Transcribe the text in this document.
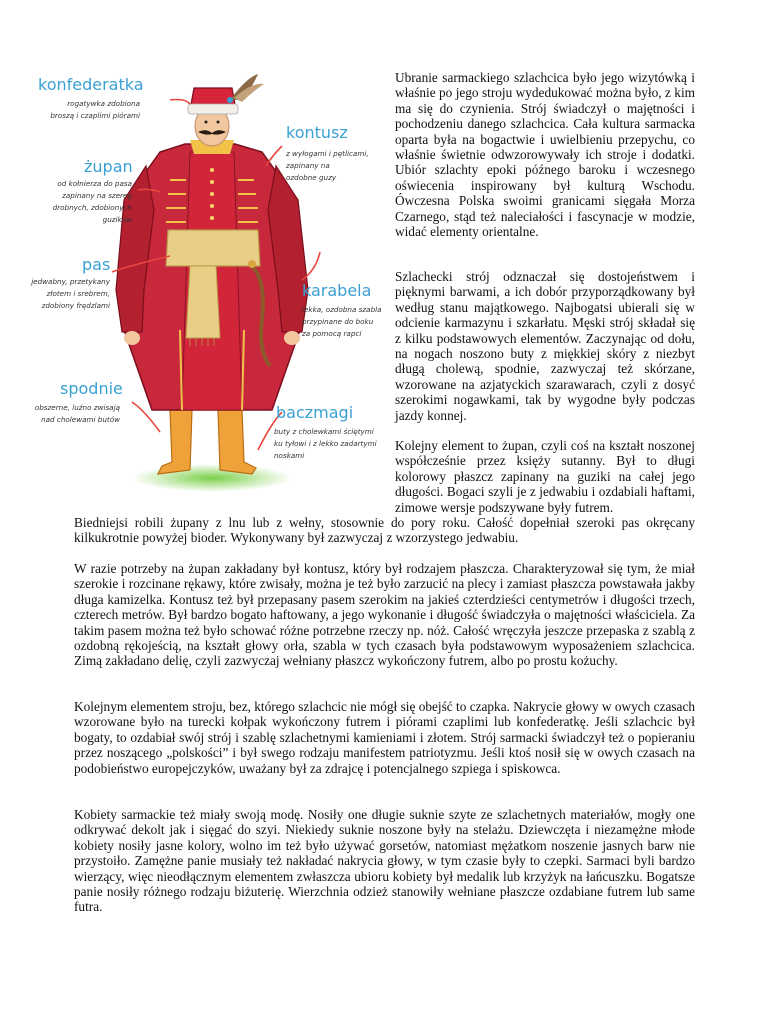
konfederatka
rogatywka zdobiona
broszą i czaplimi piórami
żupan
od kołnierza do pasa
zapinany na szereg
drobnych, zdobionych
guzików
pas
jedwabny, przetykany
złotem i srebrem,
zdobiony frędzlami
spodnie
obszerne, luźno zwisają
nad cholewami butów
kontusz
z wyłogami i pętlicami,
zapinany na
ozdobne guzy
karabela
lekka, ozdobna szabla
przypinane do boku
za pomocą rapci
baczmagi
buty z cholewkami ściętymi
ku tyłowi i z lekko zadartymi
noskami

Ubranie sarmackiego szlachcica było jego wizytówką i właśnie po jego stroju wydedukować można było, z kim ma się do czynienia. Strój świadczył o majętności i pochodzeniu danego szlachcica. Cała kultura sarmacka oparta była na bogactwie i uwielbieniu przepychu, co właśnie świetnie odwzorowywały ich stroje i dodatki. Ubiór szlachty epoki późnego baroku i wczesnego oświecenia inspirowany był kulturą Wschodu. Ówczesna Polska swoimi granicami sięgała Morza Czarnego, stąd też naleciałości i fascynacje w modzie, widać elementy orientalne.

Szlachecki strój odznaczał się dostojeństwem i pięknymi barwami, a ich dobór przyporządkowany był według stanu majątkowego. Najbogatsi ubierali się w odcienie karmazynu i szkarłatu. Męski strój składał się z kilku podstawowych elementów. Zaczynając od dołu, na nogach noszono buty z miękkiej skóry z niezbyt długą cholewą, spodnie, zazwyczaj też skórzane, wzorowane na azjatyckich szarawarach, czyli z dosyć szerokimi nogawkami, tak by wygodne były podczas jazdy konnej.

Kolejny element to żupan, czyli coś na kształt noszonej współcześnie przez księży sutanny. Był to długi kolorowy płaszcz zapinany na guziki na całej jego długości. Bogaci szyli je z jedwabiu i ozdabiali haftami, zimowe wersje podszywane były futrem.

Biedniejsi robili żupany z lnu lub z wełny, stosownie do pory roku. Całość dopełniał szeroki pas okręcany kilkukrotnie powyżej bioder. Wykonywany był zazwyczaj z wzorzystego jedwabiu.

W razie potrzeby na żupan zakładany był kontusz, który był rodzajem płaszcza. Charakteryzował się tym, że miał szerokie i rozcinane rękawy, które zwisały, można je też było zarzucić na plecy i zamiast płaszcza powstawała jakby długa kamizelka. Kontusz też był przepasany pasem szerokim na jakieś czterdzieści centymetrów i długości trzech, czterech metrów. Był bardzo bogato haftowany, a jego wykonanie i długość świadczyła o majętności właściciela. Za takim pasem można też było schować różne potrzebne rzeczy np. nóż. Całość wręczyła jeszcze przepaska z szablą z ozdobną rękojeścią, na kształt głowy orła, szabla w tych czasach była podstawowym wyposażeniem szlachcica. Zimą zakładano delię, czyli zazwyczaj wełniany płaszcz wykończony futrem, albo po prostu kożuchy.

Kolejnym elementem stroju, bez, którego szlachcic nie mógł się obejść to czapka. Nakrycie głowy w owych czasach wzorowane było na turecki kołpak wykończony futrem i piórami czaplimi lub konfederatkę. Jeśli szlachcic był bogaty, to ozdabiał swój strój i szablę szlachetnymi kamieniami i złotem. Strój sarmacki świadczył też o popieraniu przez noszącego „polskości” i był swego rodzaju manifestem patriotyzmu. Jeśli ktoś nosił się w owych czasach na podobieństwo europejczyków, uważany był za zdrajcę i potencjalnego szpiega i spiskowca.

Kobiety sarmackie też miały swoją modę. Nosiły one długie suknie szyte ze szlachetnych materiałów, mogły one odkrywać dekolt jak i sięgać do szyi. Niekiedy suknie noszone były na stelażu. Dziewczęta i niezamężne młode kobiety nosiły jasne kolory, wolno im też było używać gorsetów, natomiast mężatkom noszenie jasnych barw nie przystoiło. Zamężne panie musiały też nakładać nakrycia głowy, w tym czasie były to czepki. Sarmaci byli bardzo wierzący, więc nieodłącznym elementem zwłaszcza ubioru kobiety był medalik lub krzyżyk na łańcuszku. Bogatsze panie nosiły różnego rodzaju biżuterię. Wierzchnia odzież stanowiły wełniane płaszcze ozdabiane futrem lub same futra.
